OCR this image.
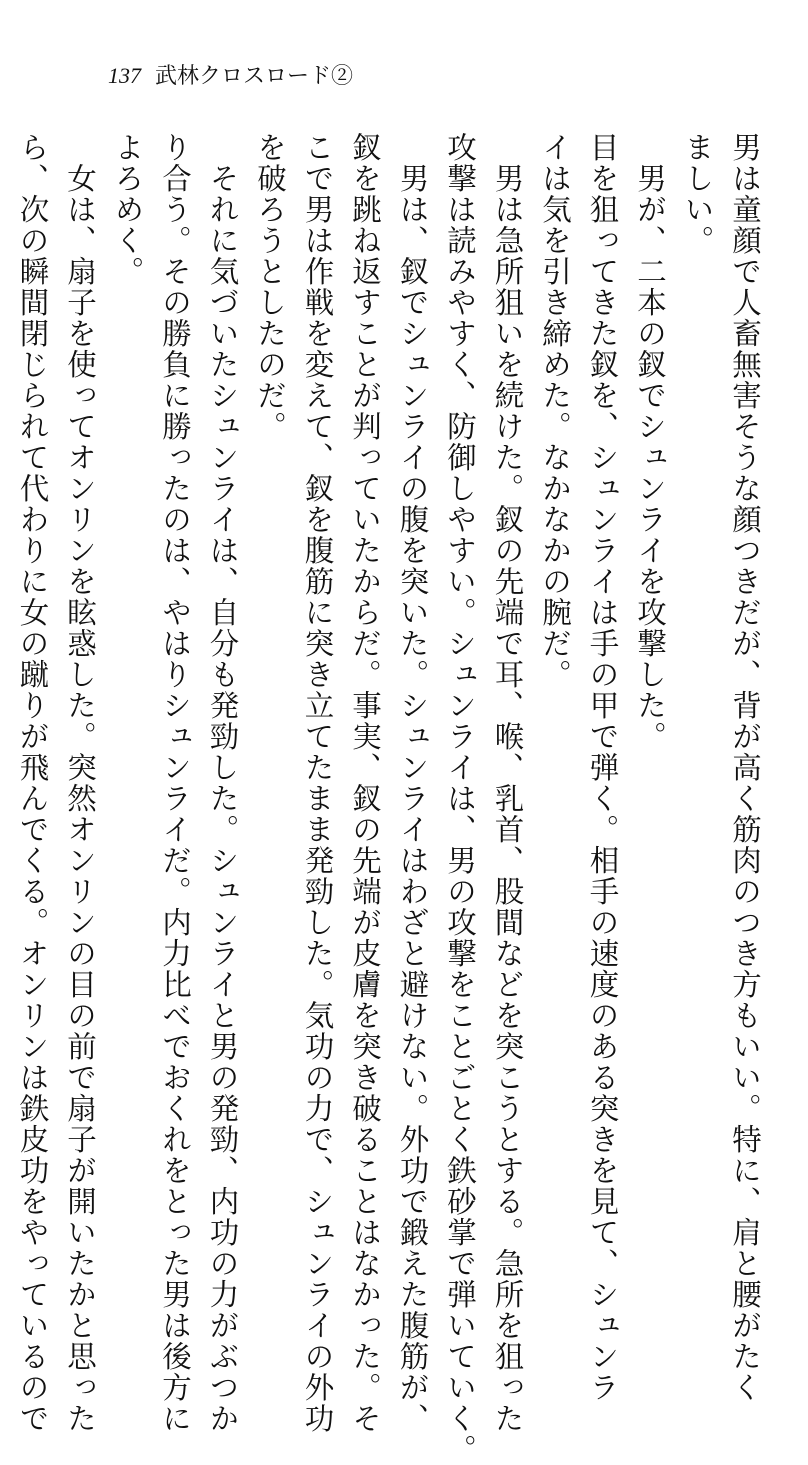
137 武林クロスロード②
男は童顔で人畜無害そうな顔つきだが、背が高く筋肉のつき方もいい。特に、肩と腰がたく
ましい。
　男が、二本の釵でシュンライを攻撃した。
目を狙ってきた釵を、シュンライは手の甲で弾く。相手の速度のある突きを見て、シュンラ
イは気を引き締めた。なかなかの腕だ。
　男は急所狙いを続けた。釵の先端で耳、喉、乳首、股間などを突こうとする。急所を狙った
攻撃は読みやすく、防御しやすい。シュンライは、男の攻撃をことごとく鉄砂掌で弾いていく。
　男は、釵でシュンライの腹を突いた。シュンライはわざと避けない。外功で鍛えた腹筋が、
釵を跳ね返すことが判っていたからだ。事実、釵の先端が皮膚を突き破ることはなかった。そ
こで男は作戦を変えて、釵を腹筋に突き立てたまま発勁した。気功の力で、シュンライの外功
を破ろうとしたのだ。
　それに気づいたシュンライは、自分も発勁した。シュンライと男の発勁、内功の力がぶつか
り合う。その勝負に勝ったのは、やはりシュンライだ。内力比べでおくれをとった男は後方に
よろめく。
　女は、扇子を使ってオンリンを眩惑した。突然オンリンの目の前で扇子が開いたかと思った
ら、次の瞬間閉じられて代わりに女の蹴りが飛んでくる。オンリンは鉄皮功をやっているので
